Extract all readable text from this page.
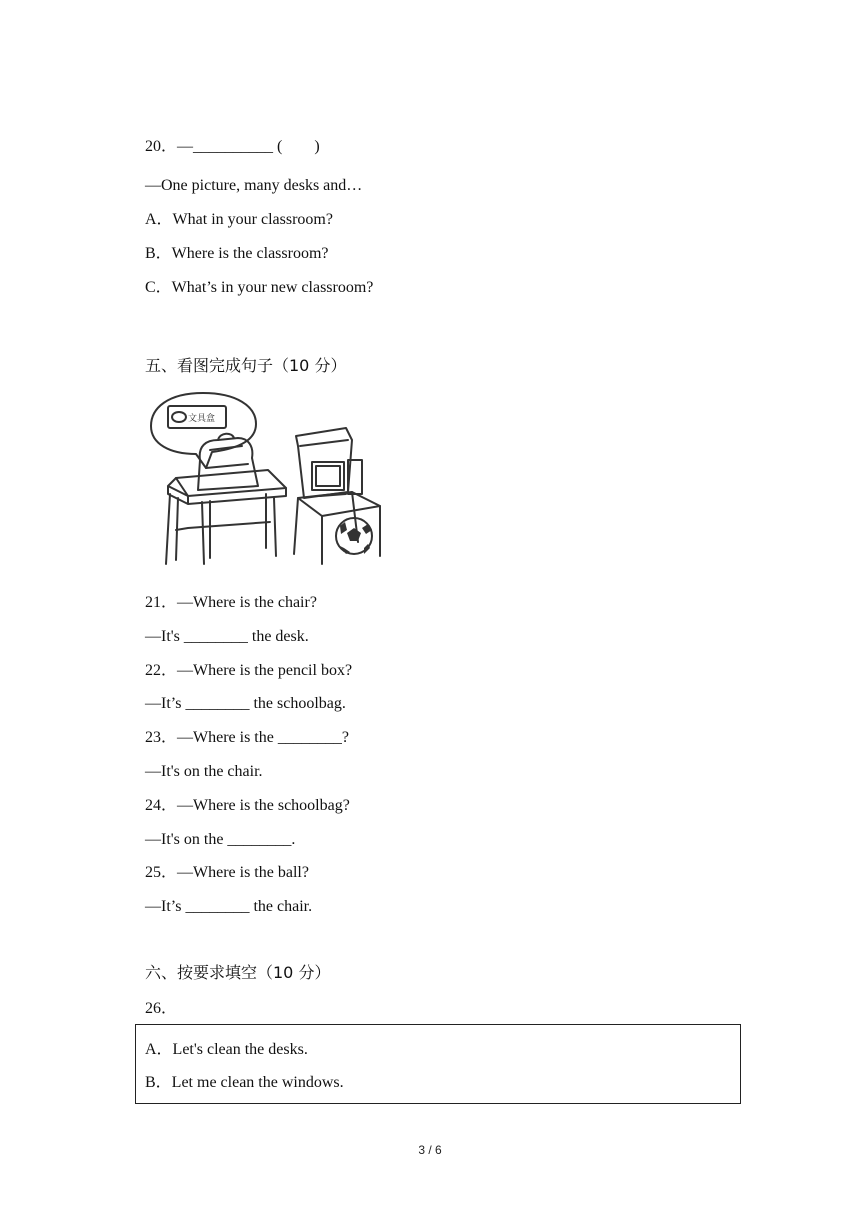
20．—__________ (　　)
—One picture, many desks and…
A．What in your classroom?
B．Where is the classroom?
C．What’s in your new classroom?
五、看图完成句子（10 分）
文具盒
21．—Where is the chair?
—It's ________ the desk.
22．—Where is the pencil box?
—It’s ________ the schoolbag.
23．—Where is the ________?
—It's on the chair.
24．—Where is the schoolbag?
—It's on the ________.
25．—Where is the ball?
—It’s ________ the chair.
六、按要求填空（10 分）
26．
A．Let's clean the desks.
B．Let me clean the windows.
3 / 6
